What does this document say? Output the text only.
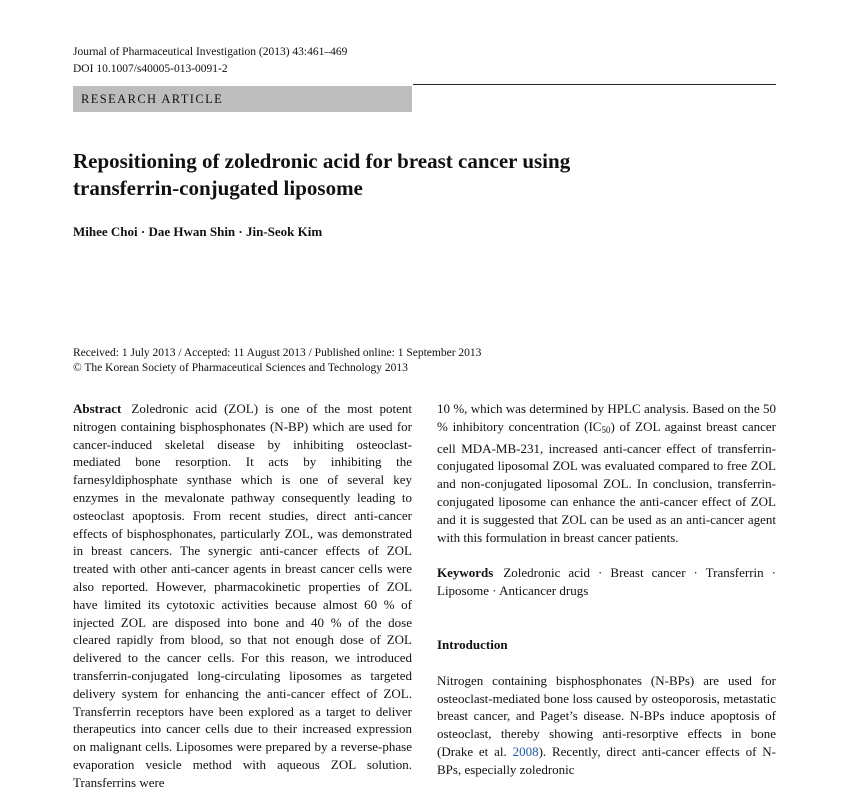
Journal of Pharmaceutical Investigation (2013) 43:461–469
DOI 10.1007/s40005-013-0091-2
RESEARCH ARTICLE
Repositioning of zoledronic acid for breast cancer using
transferrin-conjugated liposome
Mihee Choi · Dae Hwan Shin · Jin-Seok Kim
Received: 1 July 2013 / Accepted: 11 August 2013 / Published online: 1 September 2013
© The Korean Society of Pharmaceutical Sciences and Technology 2013

Abstract Zoledronic acid (ZOL) is one of the most potent nitrogen containing bisphosphonates (N-BP) which are used for cancer-induced skeletal disease by inhibiting osteoclast-mediated bone resorption. It acts by inhibiting the farnesyldiphosphate synthase which is one of several key enzymes in the mevalonate pathway consequently leading to osteoclast apoptosis. From recent studies, direct anti-cancer effects of bisphosphonates, particularly ZOL, was demonstrated in breast cancers. The synergic anti-cancer effects of ZOL treated with other anti-cancer agents in breast cancer cells were also reported. However, pharmacokinetic properties of ZOL have limited its cytotoxic activities because almost 60 % of injected ZOL are disposed into bone and 40 % of the dose cleared rapidly from blood, so that not enough dose of ZOL delivered to the cancer cells. For this reason, we introduced transferrin-conjugated long-circulating liposomes as targeted delivery system for enhancing the anti-cancer effect of ZOL. Transferrin receptors have been explored as a target to deliver therapeutics into cancer cells due to their increased expression on malignant cells. Liposomes were prepared by a reverse-phase evaporation vesicle method with aqueous ZOL solution. Transferrins were

10 %, which was determined by HPLC analysis. Based on the 50 % inhibitory concentration $(IC_{50})$ of ZOL against breast cancer cell MDA-MB-231, increased anti-cancer effect of transferrin-conjugated liposomal ZOL was evaluated compared to free ZOL and non-conjugated liposomal ZOL. In conclusion, transferrin-conjugated liposome can enhance the anti-cancer effect of ZOL and it is suggested that ZOL can be used as an anti-cancer agent with this formulation in breast cancer patients.

Keywords Zoledronic acid · Breast cancer · Transferrin · Liposome · Anticancer drugs

Introduction

Nitrogen containing bisphosphonates (N-BPs) are used for osteoclast-mediated bone loss caused by osteoporosis, metastatic breast cancer, and Paget’s disease. N-BPs induce apoptosis of osteoclast, thereby showing anti-resorptive effects in bone (Drake et al. 2008). Recently, direct anti-cancer effects of N-BPs, especially zoledronic
